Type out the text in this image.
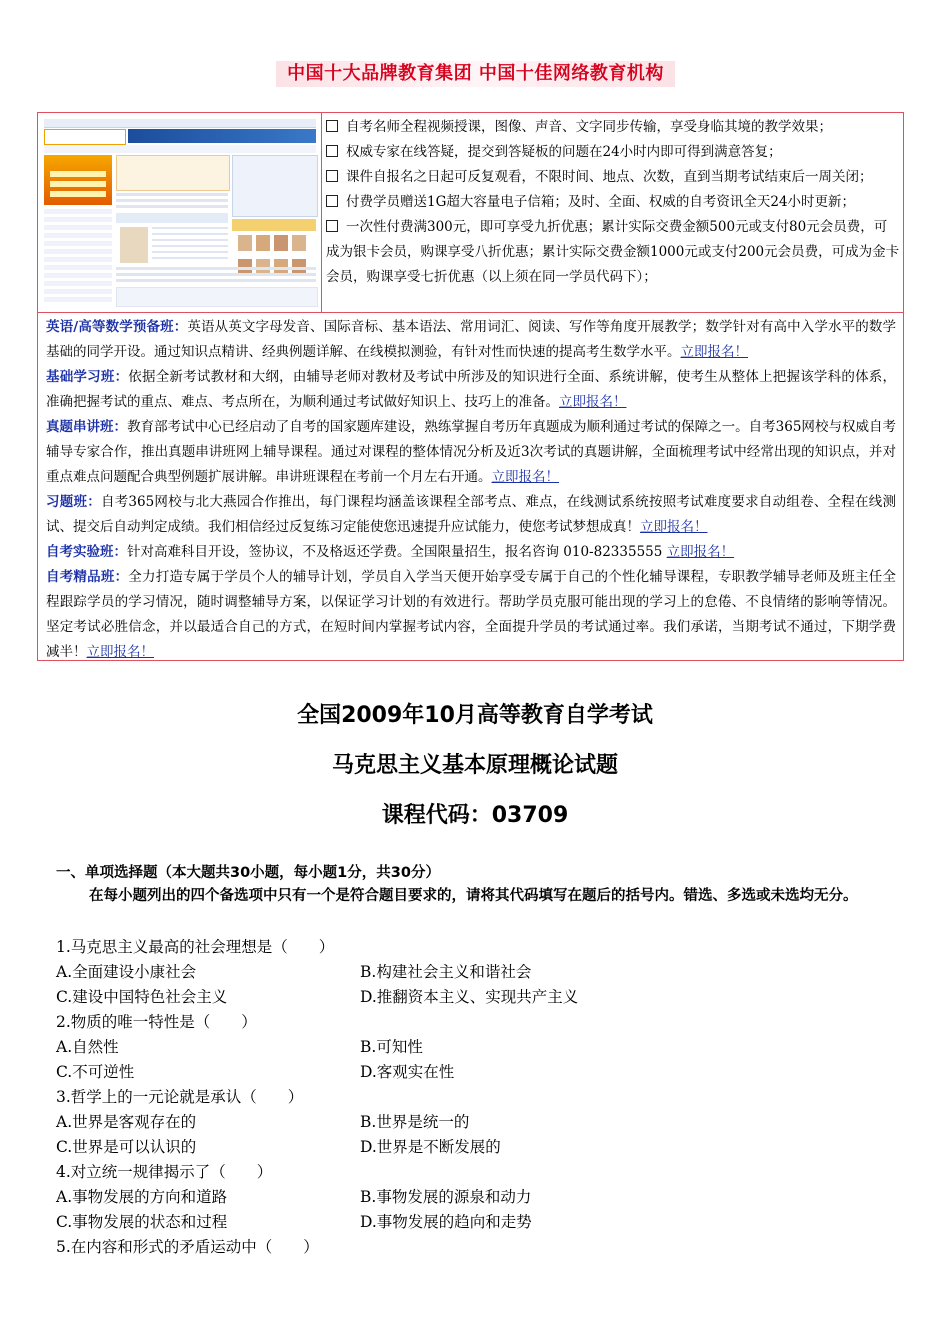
中国十大品牌教育集团 中国十佳网络教育机构

自考名师全程视频授课，图像、声音、文字同步传输，享受身临其境的教学效果；

权威专家在线答疑，提交到答疑板的问题在24小时内即可得到满意答复；

课件自报名之日起可反复观看，不限时间、地点、次数，直到当期考试结束后一周关闭；

付费学员赠送1G超大容量电子信箱；及时、全面、权威的自考资讯全天24小时更新；

一次性付费满300元，即可享受九折优惠；累计实际交费金额500元或支付80元会员费，可成为银卡会员，购课享受八折优惠；累计实际交费金额1000元或支付200元会员费，可成为金卡会员，购课享受七折优惠（以上须在同一学员代码下）；

英语/高等数学预备班：英语从英文字母发音、国际音标、基本语法、常用词汇、阅读、写作等角度开展教学；数学针对有高中入学水平的数学基础的同学开设。通过知识点精讲、经典例题详解、在线模拟测验，有针对性而快速的提高考生数学水平。立即报名！

基础学习班：依据全新考试教材和大纲，由辅导老师对教材及考试中所涉及的知识进行全面、系统讲解，使考生从整体上把握该学科的体系，准确把握考试的重点、难点、考点所在，为顺利通过考试做好知识上、技巧上的准备。立即报名！

真题串讲班：教育部考试中心已经启动了自考的国家题库建设，熟练掌握自考历年真题成为顺利通过考试的保障之一。自考365网校与权威自考辅导专家合作，推出真题串讲班网上辅导课程。通过对课程的整体情况分析及近3次考试的真题讲解，全面梳理考试中经常出现的知识点，并对重点难点问题配合典型例题扩展讲解。串讲班课程在考前一个月左右开通。立即报名！

习题班：自考365网校与北大燕园合作推出，每门课程均涵盖该课程全部考点、难点，在线测试系统按照考试难度要求自动组卷、全程在线测试、提交后自动判定成绩。我们相信经过反复练习定能使您迅速提升应试能力，使您考试梦想成真！立即报名！

自考实验班：针对高难科目开设，签协议，不及格返还学费。全国限量招生，报名咨询 010-82335555 立即报名！

自考精品班：全力打造专属于学员个人的辅导计划，学员自入学当天便开始享受专属于自己的个性化辅导课程，专职教学辅导老师及班主任全程跟踪学员的学习情况，随时调整辅导方案，以保证学习计划的有效进行。帮助学员克服可能出现的学习上的怠倦、不良情绪的影响等情况。坚定考试必胜信念，并以最适合自己的方式，在短时间内掌握考试内容，全面提升学员的考试通过率。我们承诺，当期考试不通过，下期学费减半！立即报名！

全国2009年10月高等教育自学考试
马克思主义基本原理概论试题
课程代码：03709
一、单项选择题（本大题共30小题，每小题1分，共30分）
在每小题列出的四个备选项中只有一个是符合题目要求的，请将其代码填写在题后的括号内。错选、多选或未选均无分。
1.马克思主义最高的社会理想是（　　）
A.全面建设小康社会	B.构建社会主义和谐社会
C.建设中国特色社会主义	D.推翻资本主义、实现共产主义
2.物质的唯一特性是（　　）
A.自然性	B.可知性
C.不可逆性	D.客观实在性
3.哲学上的一元论就是承认（　　）
A.世界是客观存在的	B.世界是统一的
C.世界是可以认识的	D.世界是不断发展的
4.对立统一规律揭示了（　　）
A.事物发展的方向和道路	B.事物发展的源泉和动力
C.事物发展的状态和过程	D.事物发展的趋向和走势
5.在内容和形式的矛盾运动中（　　）
